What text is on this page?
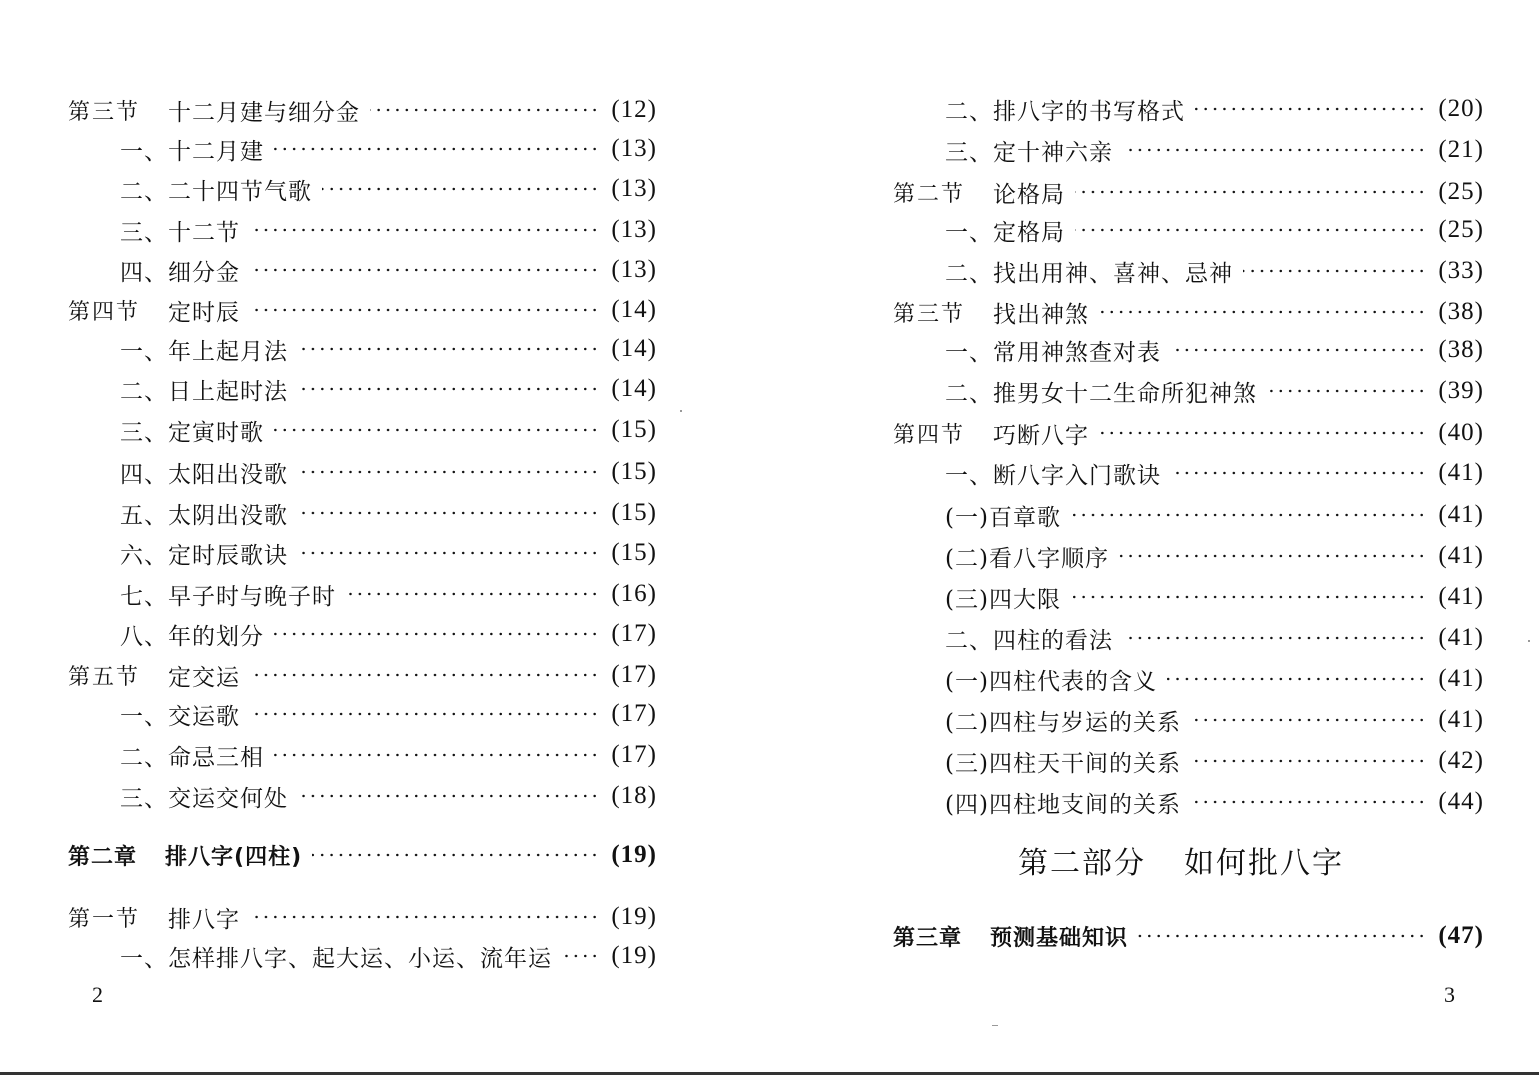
第三节 十二月建与细分金	(12)
一、十二月建	(13)
二、二十四节气歌	(13)
三、十二节	(13)
四、细分金	(13)
第四节 定时辰	(14)
一、年上起月法	(14)
二、日上起时法	(14)
三、定寅时歌	(15)
四、太阳出没歌	(15)
五、太阴出没歌	(15)
六、定时辰歌诀	(15)
七、早子时与晚子时	(16)
八、年的划分	(17)
第五节 定交运	(17)
一、交运歌	(17)
二、命忌三相	(17)
三、交运交何处	(18)
第二章 排八字(四柱)	(19)
第一节 排八字	(19)
一、怎样排八字、起大运、小运、流年运 (19)
二、排八字的书写格式	(20)
三、定十神六亲	(21)
第二节 论格局	(25)
一、定格局	(25)
二、找出用神、喜神、忌神	(33)
第三节 找出神煞	(38)
一、常用神煞查对表	(38)
二、推男女十二生命所犯神煞	(39)
第四节 巧断八字	(40)
一、断八字入门歌诀	(41)
(一)百章歌	(41)
(二)看八字顺序	(41)
(三)四大限	(41)
二、四柱的看法	(41)
(一)四柱代表的含义	(41)
(二)四柱与岁运的关系	(41)
(三)四柱天干间的关系	(42)
(四)四柱地支间的关系	(44)
第三章 预测基础知识	(47)
第二部分 如何批八字
2	3
